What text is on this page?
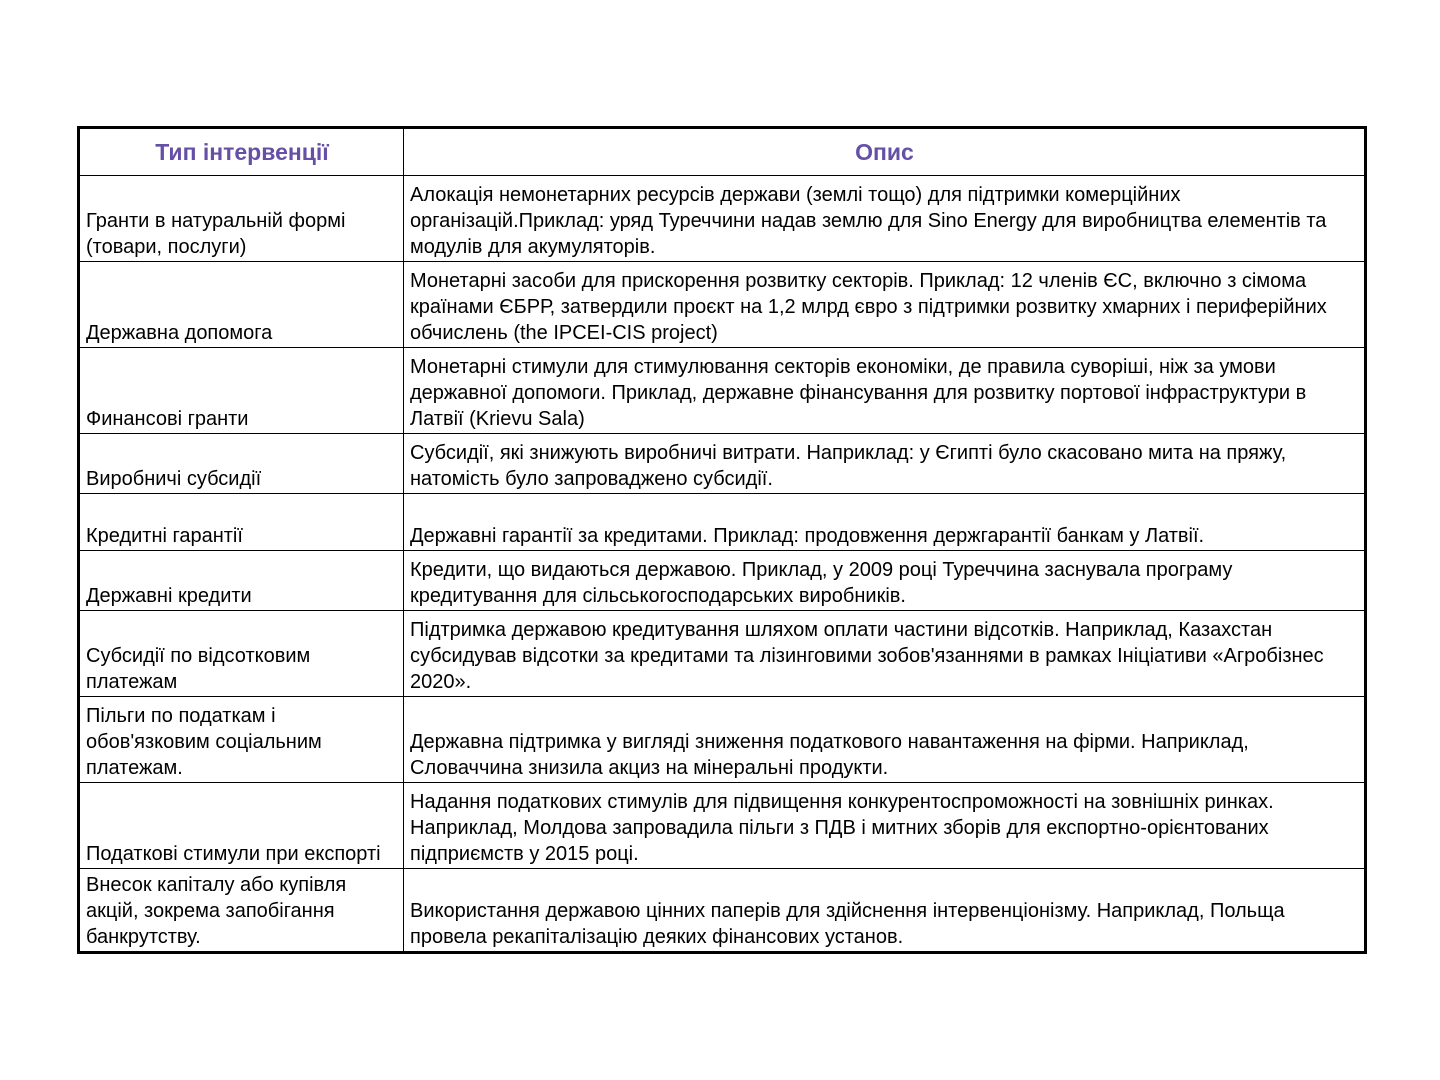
Тип інтервенції	Опис
Гранти в натуральній формі (товари, послуги)	Алокація немонетарних ресурсів держави (землі тощо) для підтримки комерційних організацій.Приклад: уряд Туреччини надав землю для Sino Energy для виробництва елементів та модулів для акумуляторів.
Державна допомога	Монетарні засоби для прискорення розвитку секторів. Приклад: 12 членів ЄС, включно з сімома країнами ЄБРР, затвердили проєкт на 1,2 млрд євро з підтримки розвитку хмарних і периферійних обчислень (the IPCEI-CIS project)
Финансові гранти	Монетарні стимули для стимулювання секторів економіки, де правила суворіші, ніж за умови державної допомоги. Приклад, державне фінансування для розвитку портової інфраструктури в Латвії (Krievu Sala)
Виробничі субсидії	Субсидії, які знижують виробничі витрати. Наприклад: у Єгипті було скасовано мита на пряжу, натомість було запроваджено субсидії.
Кредитні гарантії	Державні гарантії за кредитами. Приклад: продовження держгарантії банкам у Латвії.
Державні кредити	Кредити, що видаються державою. Приклад, у 2009 році Туреччина заснувала програму кредитування для сільськогосподарських виробників.
Субсидії по відсотковим платежам	Підтримка державою кредитування шляхом оплати частини відсотків. Наприклад, Казахстан субсидував відсотки за кредитами та лізинговими зобов'язаннями в рамках Ініціативи «Агробізнес 2020».
Пільги по податкам і обов'язковим соціальним платежам.	Державна підтримка у вигляді зниження податкового навантаження на фірми. Наприклад, Словаччина знизила акциз на мінеральні продукти.
Податкові стимули при експорті	Надання податкових стимулів для підвищення конкурентоспроможності на зовнішніх ринках. Наприклад, Молдова запровадила пільги з ПДВ і митних зборів для експортно-орієнтованих підприємств у 2015 році.
Внесок капіталу або купівля акцій, зокрема запобігання банкрутству.	Використання державою цінних паперів для здійснення інтервенціонізму. Наприклад, Польща провела рекапіталізацію деяких фінансових установ.
